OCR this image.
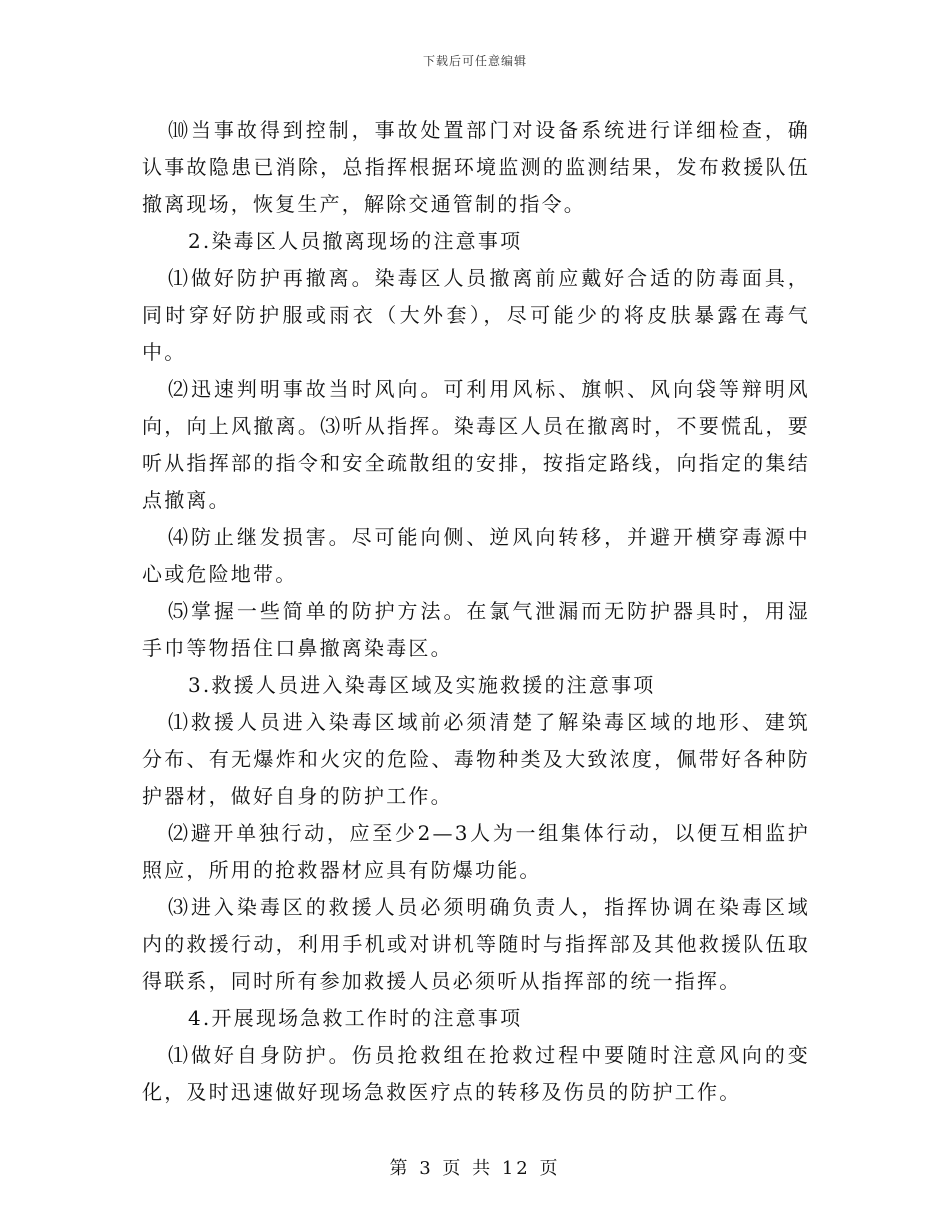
下载后可任意编辑

⑽当事故得到控制，事故处置部门对设备系统进行详细检查，确认事故隐患已消除，总指挥根据环境监测的监测结果，发布救援队伍撤离现场，恢复生产，解除交通管制的指令。

2.染毒区人员撤离现场的注意事项

⑴做好防护再撤离。染毒区人员撤离前应戴好合适的防毒面具，同时穿好防护服或雨衣（大外套），尽可能少的将皮肤暴露在毒气中。

⑵迅速判明事故当时风向。可利用风标、旗帜、风向袋等辩明风向，向上风撤离。⑶听从指挥。染毒区人员在撤离时，不要慌乱，要听从指挥部的指令和安全疏散组的安排，按指定路线，向指定的集结点撤离。

⑷防止继发损害。尽可能向侧、逆风向转移，并避开横穿毒源中心或危险地带。

⑸掌握一些简单的防护方法。在氯气泄漏而无防护器具时，用湿手巾等物捂住口鼻撤离染毒区。

3.救援人员进入染毒区域及实施救援的注意事项

⑴救援人员进入染毒区域前必须清楚了解染毒区域的地形、建筑分布、有无爆炸和火灾的危险、毒物种类及大致浓度，佩带好各种防护器材，做好自身的防护工作。

⑵避开单独行动，应至少2—3人为一组集体行动，以便互相监护照应，所用的抢救器材应具有防爆功能。

⑶进入染毒区的救援人员必须明确负责人，指挥协调在染毒区域内的救援行动，利用手机或对讲机等随时与指挥部及其他救援队伍取得联系，同时所有参加救援人员必须听从指挥部的统一指挥。

4.开展现场急救工作时的注意事项

⑴做好自身防护。伤员抢救组在抢救过程中要随时注意风向的变化，及时迅速做好现场急救医疗点的转移及伤员的防护工作。

第 3 页 共 12 页
